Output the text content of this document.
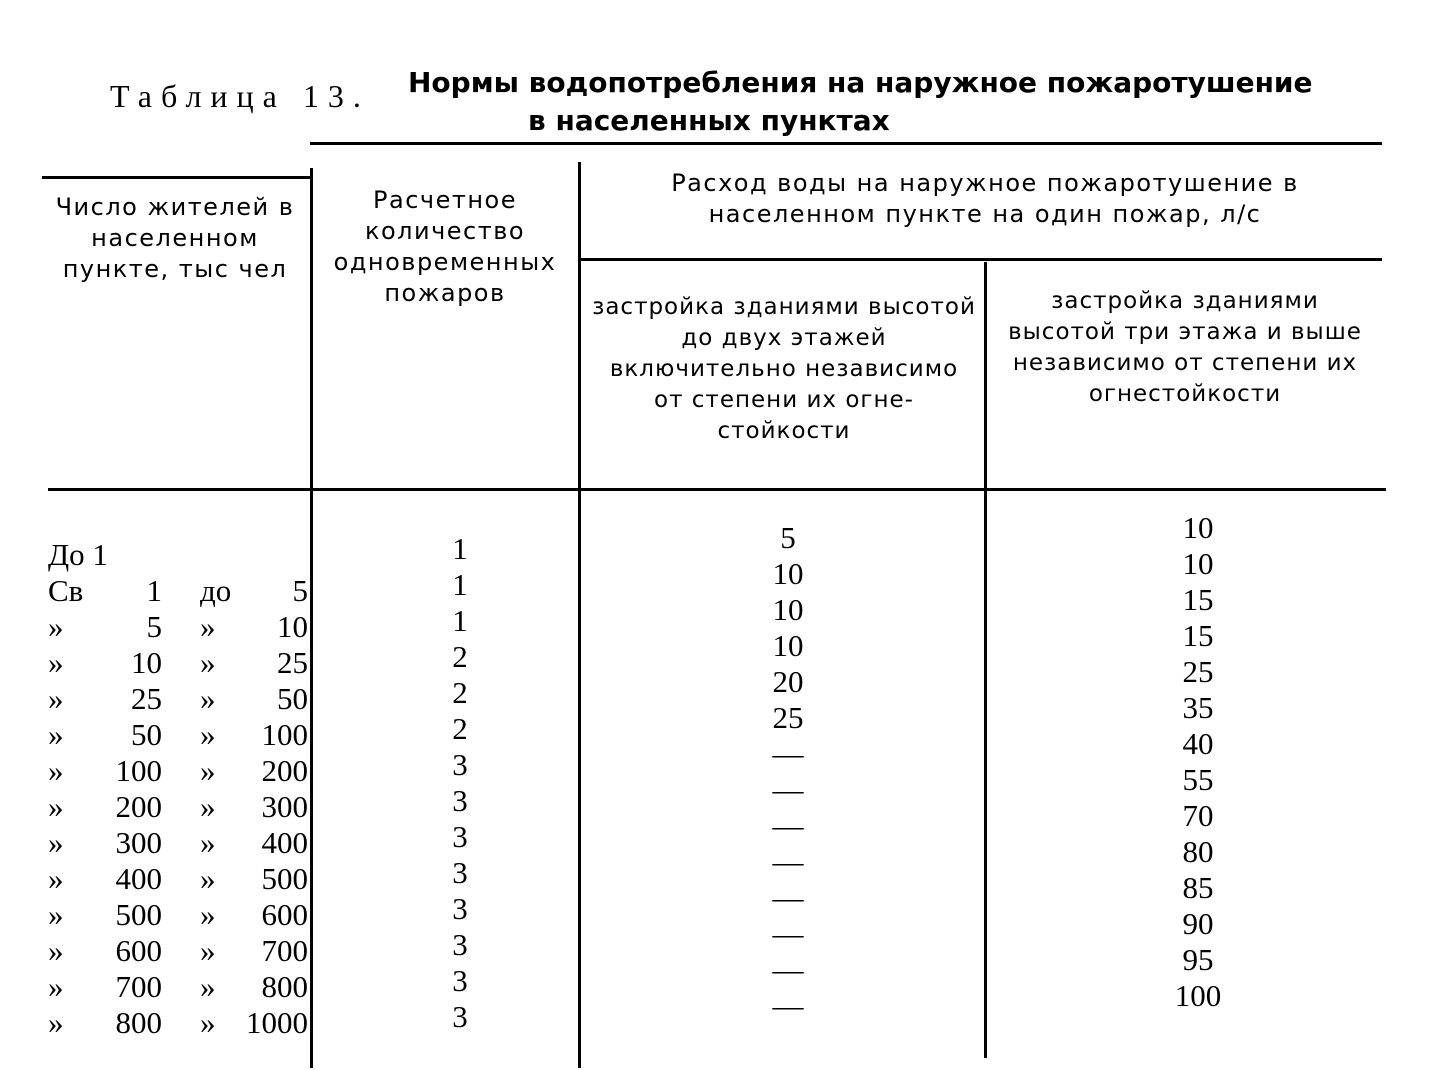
Таблица 13. Нормы водопотребления на наружное пожаротушение
в населенных пунктах
Число жителей в населенном пункте, тыс чел
Расчетное количество одновременных пожаров
Расход воды на наружное пожаротушение в населенном пункте на один пожар, л/с
застройка зданиями высотой до двух этажей включительно независимо от степени их огне-стойкости
застройка зданиями высотой три этажа и выше независимо от степени их огнестойкости
До 1
Св 1 до 5
»	5 » 10
» 10 » 25
» 25 » 50
» 50 » 100
» 100 » 200
» 200 » 300
» 300 » 400
» 400 » 500
» 500 » 600
» 600 » 700
» 700 » 800
» 800 » 1000
1
1
1
2
2
2
3
3
3
3
3
3
3
3
5
10
10
10
20
25
—
—
—
—
—
—
—
—
10
10
15
15
25
35
40
55
70
80
85
90
95
100
